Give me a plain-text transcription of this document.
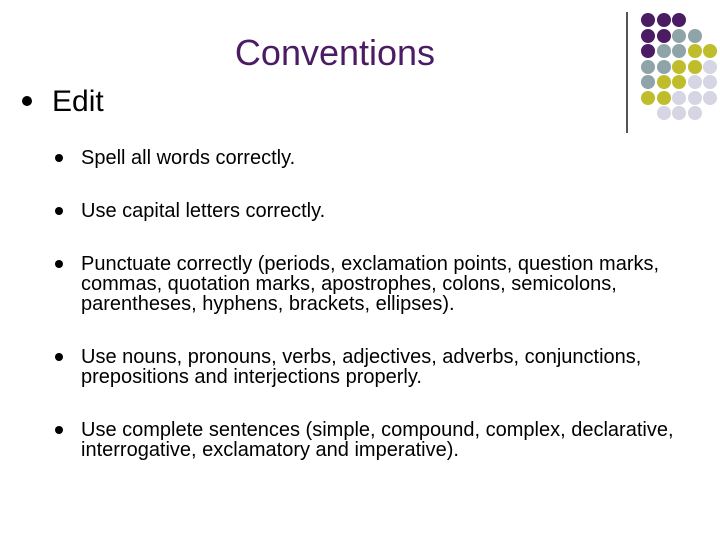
Conventions
Edit
Spell all words correctly.
Use capital letters correctly.
Punctuate correctly (periods, exclamation points, question marks, commas, quotation marks, apostrophes, colons, semicolons, parentheses, hyphens, brackets, ellipses).
Use nouns, pronouns, verbs, adjectives, adverbs, conjunctions, prepositions and interjections properly.
Use complete sentences (simple, compound, complex, declarative, interrogative, exclamatory and imperative).
